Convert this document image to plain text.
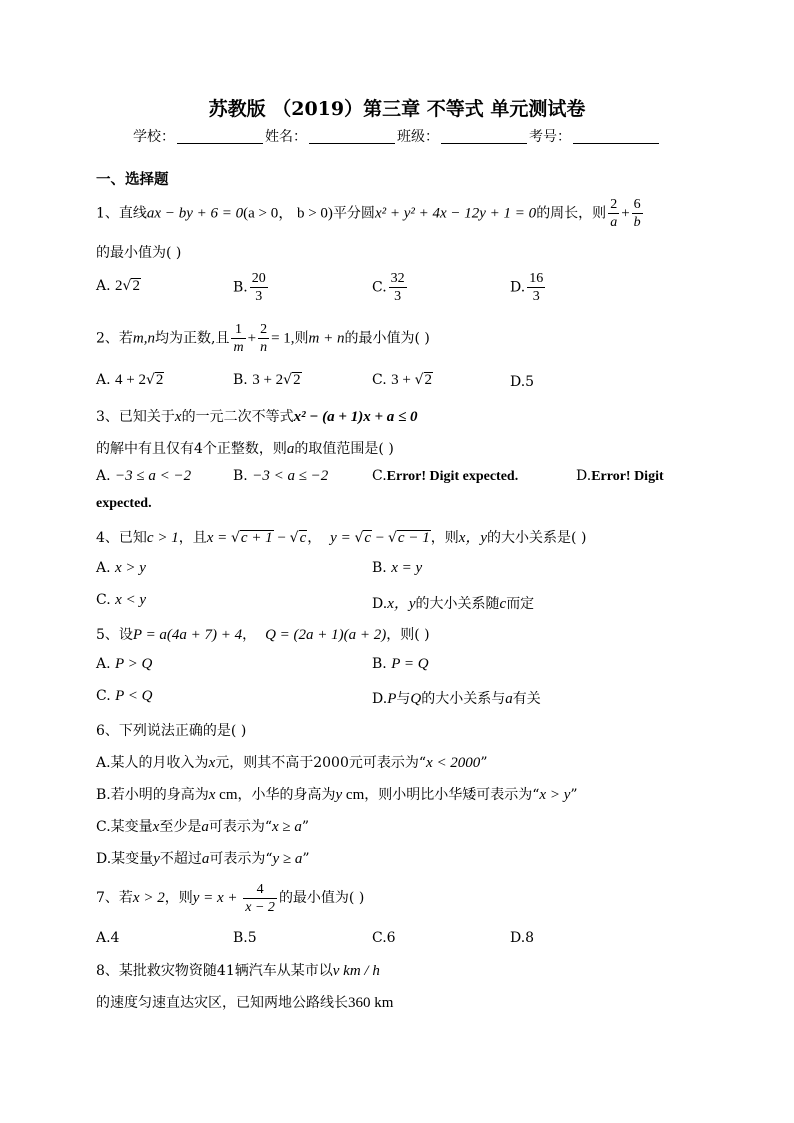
苏教版 （2019）第三章 不等式 单元测试卷
学校：	姓名：	班级：	考号：
一、选择题
1、直线ax − by + 6 = 0(a > 0， b > 0)平分圆x² + y² + 4x − 12y + 1 = 0的周长，则 $\frac{2}{a} + \frac{6}{b}$
的最小值为( )
A. 2√2	B. $\frac{20}{3}$	C. $\frac{32}{3}$	D. $\frac{16}{3}$
2、若m,n均为正数,且 $\frac{1}{m} + \frac{2}{n} = 1$,则m + n的最小值为( )
A. 4 + 2√2	B. 3 + 2√2	C. 3 + √2	D.5
3、已知关于x的一元二次不等式x² − (a + 1)x + a ≤ 0
的解中有且仅有4个正整数，则a的取值范围是( )
A. −3 ≤ a < −2	B. −3 < a ≤ −2	C.Error! Digit expected.	D.Error! Digit
expected.
4、已知c > 1，且x = √c + 1 − √c， y = √c − √c − 1，则x，y的大小关系是( )
A. x > y	B. x = y
C. x < y	D.x，y的大小关系随c而定
5、设P = a(4a + 7) + 4， Q = (2a + 1)(a + 2)，则( )
A. P > Q	B. P = Q
C. P < Q	D.P与Q的大小关系与a有关
6、下列说法正确的是( )
A.某人的月收入为x元，则其不高于2000元可表示为“x < 2000”
B.若小明的身高为x cm，小华的身高为y cm，则小明比小华矮可表示为“x > y”
C.某变量x至少是a可表示为“x ≥ a”
D.某变量y不超过a可表示为“y ≥ a”
7、若x > 2，则$y = x + \frac{4}{x - 2}$ 的最小值为( )
A.4	B.5	C.6	D.8
8、某批救灾物资随41辆汽车从某市以v km / h
的速度匀速直达灾区，已知两地公路线长360 km
